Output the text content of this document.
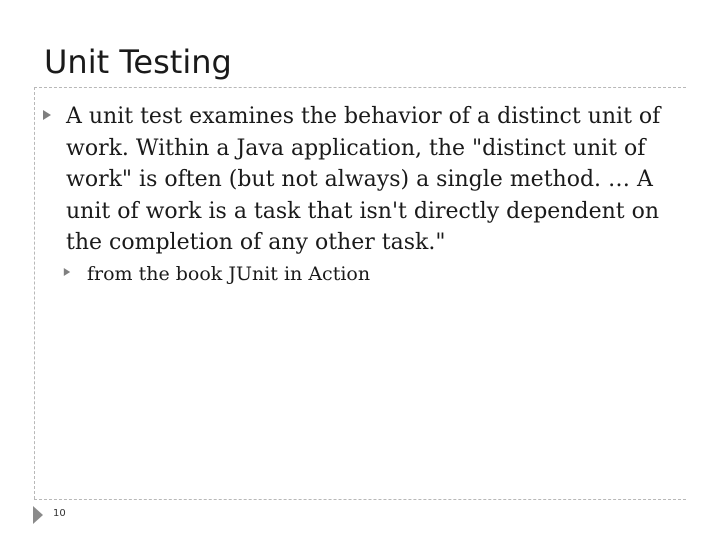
Unit Testing
A unit test examines the behavior of a distinct unit of work. Within a Java application, the "distinct unit of work" is often (but not always) a single method. … A unit of work is a task that isn't directly dependent on the completion of any other task."
from the book JUnit in Action
10
